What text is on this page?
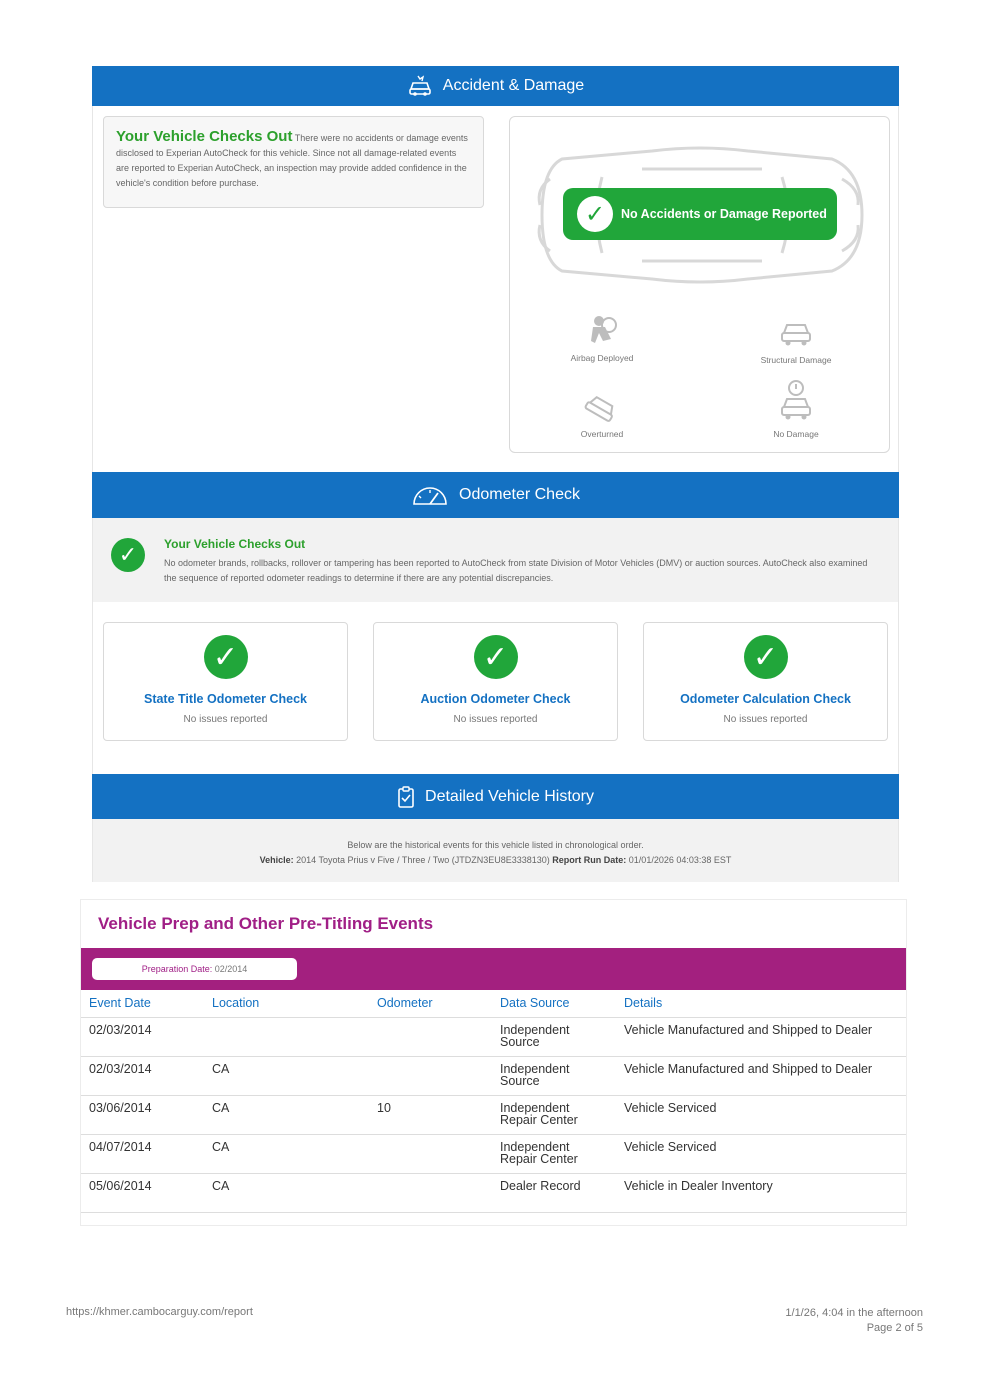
Accident & Damage
Your Vehicle Checks Out There were no accidents or damage events disclosed to Experian AutoCheck for this vehicle. Since not all damage-related events are reported to Experian AutoCheck, an inspection may provide added confidence in the vehicle's condition before purchase.
✓	No Accidents or Damage Reported
Airbag Deployed	Structural Damage
Overturned	No Damage
Odometer Check
✓	Your Vehicle Checks Out
No odometer brands, rollbacks, rollover or tampering has been reported to AutoCheck from state Division of Motor Vehicles (DMV) or auction sources. AutoCheck also examined the sequence of reported odometer readings to determine if there are any potential discrepancies.
✓
State Title Odometer Check
No issues reported
✓
Auction Odometer Check
No issues reported
✓
Odometer Calculation Check
No issues reported
Detailed Vehicle History
Below are the historical events for this vehicle listed in chronological order.
Vehicle: 2014 Toyota Prius v Five / Three / Two (JTDZN3EU8E3338130) Report Run Date: 01/01/2026 04:03:38 EST
Vehicle Prep and Other Pre-Titling Events
Preparation Date:
02/2014
Event Date	Location	Odometer	Data Source	Details
02/03/2014			Independent
Source	Vehicle Manufactured and Shipped to Dealer
02/03/2014	CA		Independent
Source	Vehicle Manufactured and Shipped to Dealer
03/06/2014	CA	10	Independent
Repair Center	Vehicle Serviced
04/07/2014	CA		Independent
Repair Center	Vehicle Serviced
05/06/2014	CA		Dealer Record	Vehicle in Dealer Inventory
https://khmer.cambocarguy.com/report	1/1/26, 4:04 in the afternoon
Page 2 of 5
